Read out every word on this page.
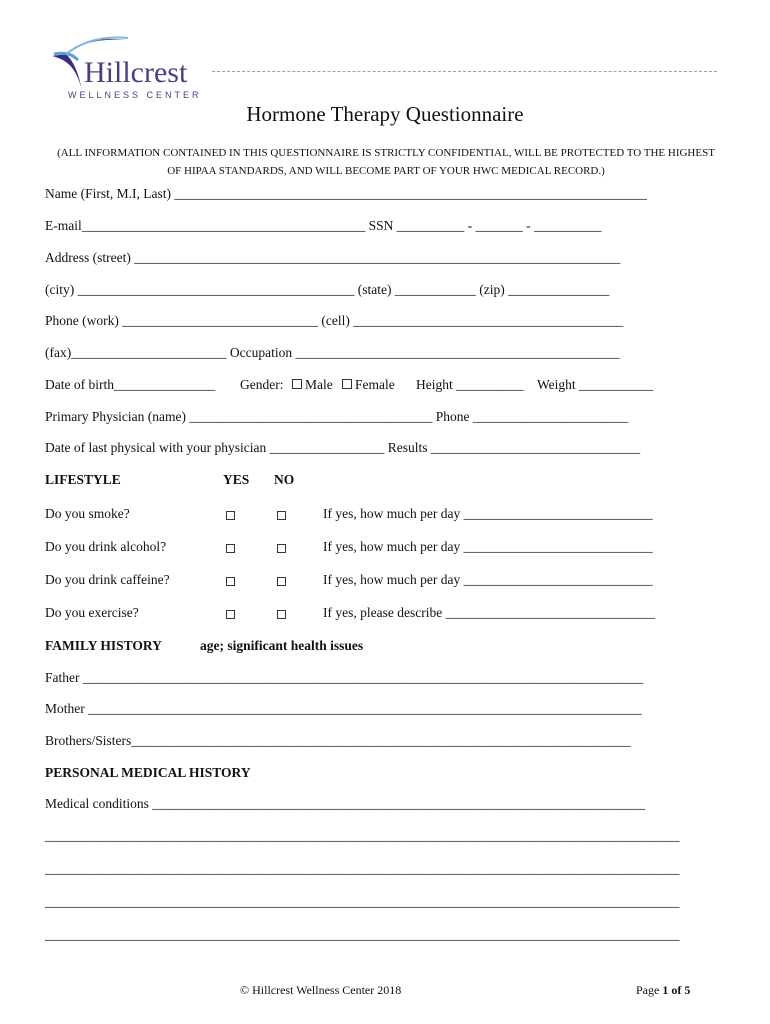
Hillcrest
WELLNESS CENTER
Hormone Therapy Questionnaire
(ALL INFORMATION CONTAINED IN THIS QUESTIONNAIRE IS STRICTLY CONFIDENTIAL, WILL BE PROTECTED TO THE HIGHEST OF HIPAA STANDARDS, AND WILL BECOME PART OF YOUR HWC MEDICAL RECORD.)
Name (First, M.I, Last) ______________________________________________________________________
E-mail__________________________________________ SSN __________ - _______ - __________
Address (street) ________________________________________________________________________
(city) _________________________________________ (state) ____________ (zip) _______________
Phone (work) _____________________________ (cell) ________________________________________
(fax)_______________________ Occupation ________________________________________________
Date of birth_______________ Gender:	Male	Female Height __________ Weight ___________
Primary Physician (name) ____________________________________ Phone _______________________
Date of last physical with your physician _________________ Results _______________________________
LIFESTYLE	YES NO
Do you smoke?	If yes, how much per day ____________________________
Do you drink alcohol?	If yes, how much per day ____________________________
Do you drink caffeine?	If yes, how much per day ____________________________
Do you exercise?	If yes, please describe _______________________________
FAMILY HISTORY	age; significant health issues
Father ___________________________________________________________________________________
Mother __________________________________________________________________________________
Brothers/Sisters__________________________________________________________________________
PERSONAL MEDICAL HISTORY
Medical conditions _________________________________________________________________________
______________________________________________________________________________________________
______________________________________________________________________________________________
______________________________________________________________________________________________
______________________________________________________________________________________________
© Hillcrest Wellness Center 2018	Page 1 of 5
